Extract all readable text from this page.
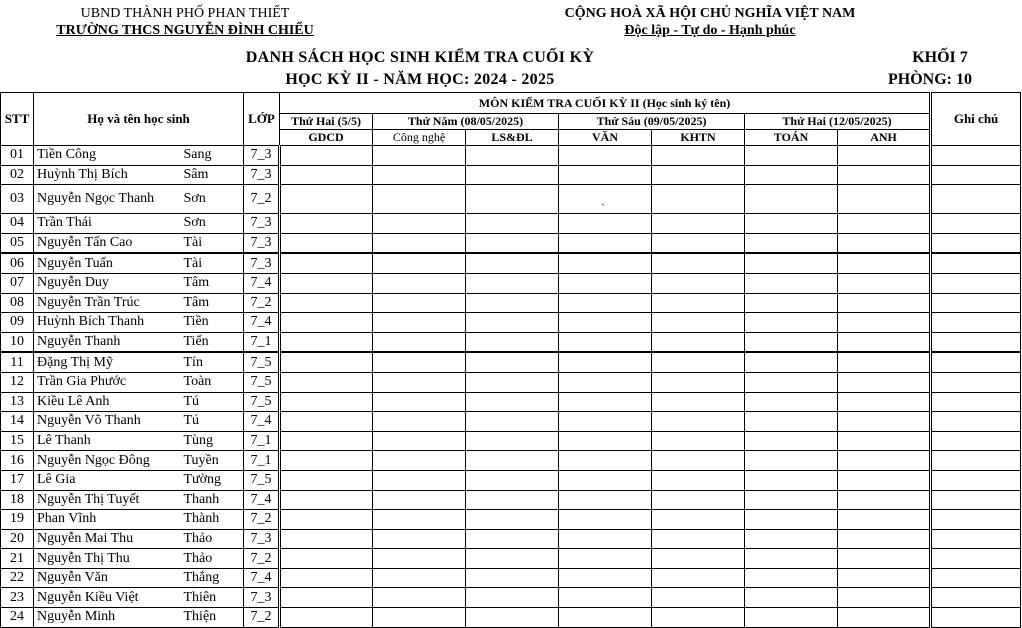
UBND THÀNH PHỐ PHAN THIẾT
TRƯỜNG THCS NGUYỄN ĐÌNH CHIỂU
CỘNG HOÀ XÃ HỘI CHỦ NGHĨA VIỆT NAM
Độc lập - Tự do - Hạnh phúc
DANH SÁCH HỌC SINH KIỂM TRA CUỐI KỲ
HỌC KỲ II - NĂM HỌC: 2024 - 2025
KHỐI 7
PHÒNG: 10
STT	Họ và tên học sinh		LỚP	MÔN KIỂM TRA CUỐI KỲ II (Học sinh ký tên)							Ghi chú
				Thứ Hai (5/5)	Thứ Năm (08/05/2025)		Thứ Sáu (09/05/2025)		Thứ Hai (12/05/2025)		
				GDCD	Công nghệ	LS&ĐL	VĂN	KHTN	TOÁN	ANH	
01	Tiền Công	Sang	7_3								
02	Huỳnh Thị Bích	Sâm	7_3								
03	Nguyễn Ngọc Thanh	Sơn	7_2				`				

04	Trần Thái	Sơn	7_3								
05	Nguyễn Tấn Cao	Tài	7_3								
06	Nguyễn Tuấn	Tài	7_3								
07	Nguyễn Duy	Tâm	7_4								
08	Nguyễn Trần Trúc	Tâm	7_2								
09	Huỳnh Bích Thanh	Tiền	7_4								
10	Nguyễn Thanh	Tiến	7_1								
11	Đặng Thị Mỹ	Tín	7_5								
12	Trần Gia Phước	Toàn	7_5								
13	Kiều Lê Anh	Tú	7_5								
14	Nguyễn Võ Thanh	Tú	7_4								
15	Lê Thanh	Tùng	7_1								
16	Nguyễn Ngọc Đông	Tuyền	7_1								
17	Lê Gia	Tường	7_5								
18	Nguyễn Thị Tuyết	Thanh	7_4								
19	Phan Vĩnh	Thành	7_2								
20	Nguyễn Mai Thu	Thảo	7_3								
21	Nguyễn Thị Thu	Thảo	7_2								
22	Nguyễn Văn	Thắng	7_4								
23	Nguyễn Kiều Việt	Thiên	7_3								
24	Nguyễn Minh	Thiện	7_2								
